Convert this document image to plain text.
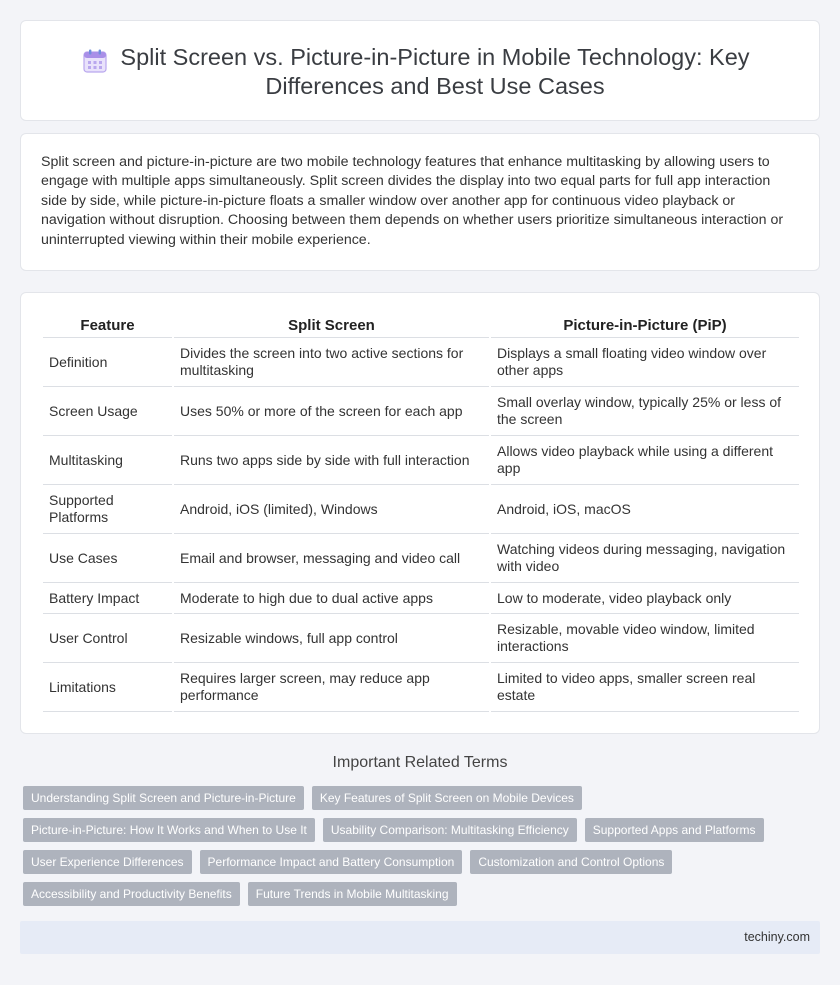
Split Screen vs. Picture-in-Picture in Mobile Technology: Key Differences and Best Use Cases

Split screen and picture-in-picture are two mobile technology features that enhance multitasking by allowing users to engage with multiple apps simultaneously. Split screen divides the display into two equal parts for full app interaction side by side, while picture-in-picture floats a smaller window over another app for continuous video playback or navigation without disruption. Choosing between them depends on whether users prioritize simultaneous interaction or uninterrupted viewing within their mobile experience.

Feature	Split Screen	Picture-in-Picture (PiP)
Definition	Divides the screen into two active sections for multitasking	Displays a small floating video window over other apps
Screen Usage	Uses 50% or more of the screen for each app	Small overlay window, typically 25% or less of the screen
Multitasking	Runs two apps side by side with full interaction	Allows video playback while using a different app
Supported Platforms	Android, iOS (limited), Windows	Android, iOS, macOS
Use Cases	Email and browser, messaging and video call	Watching videos during messaging, navigation with video
Battery Impact	Moderate to high due to dual active apps	Low to moderate, video playback only
User Control	Resizable windows, full app control	Resizable, movable video window, limited interactions
Limitations	Requires larger screen, may reduce app performance	Limited to video apps, smaller screen real estate
Important Related Terms
Understanding Split Screen and Picture-in-Picture	Key Features of Split Screen on Mobile Devices
Picture-in-Picture: How It Works and When to Use It	Usability Comparison: Multitasking Efficiency	Supported Apps and Platforms
User Experience Differences	Performance Impact and Battery Consumption	Customization and Control Options
Accessibility and Productivity Benefits	Future Trends in Mobile Multitasking
techiny.com
